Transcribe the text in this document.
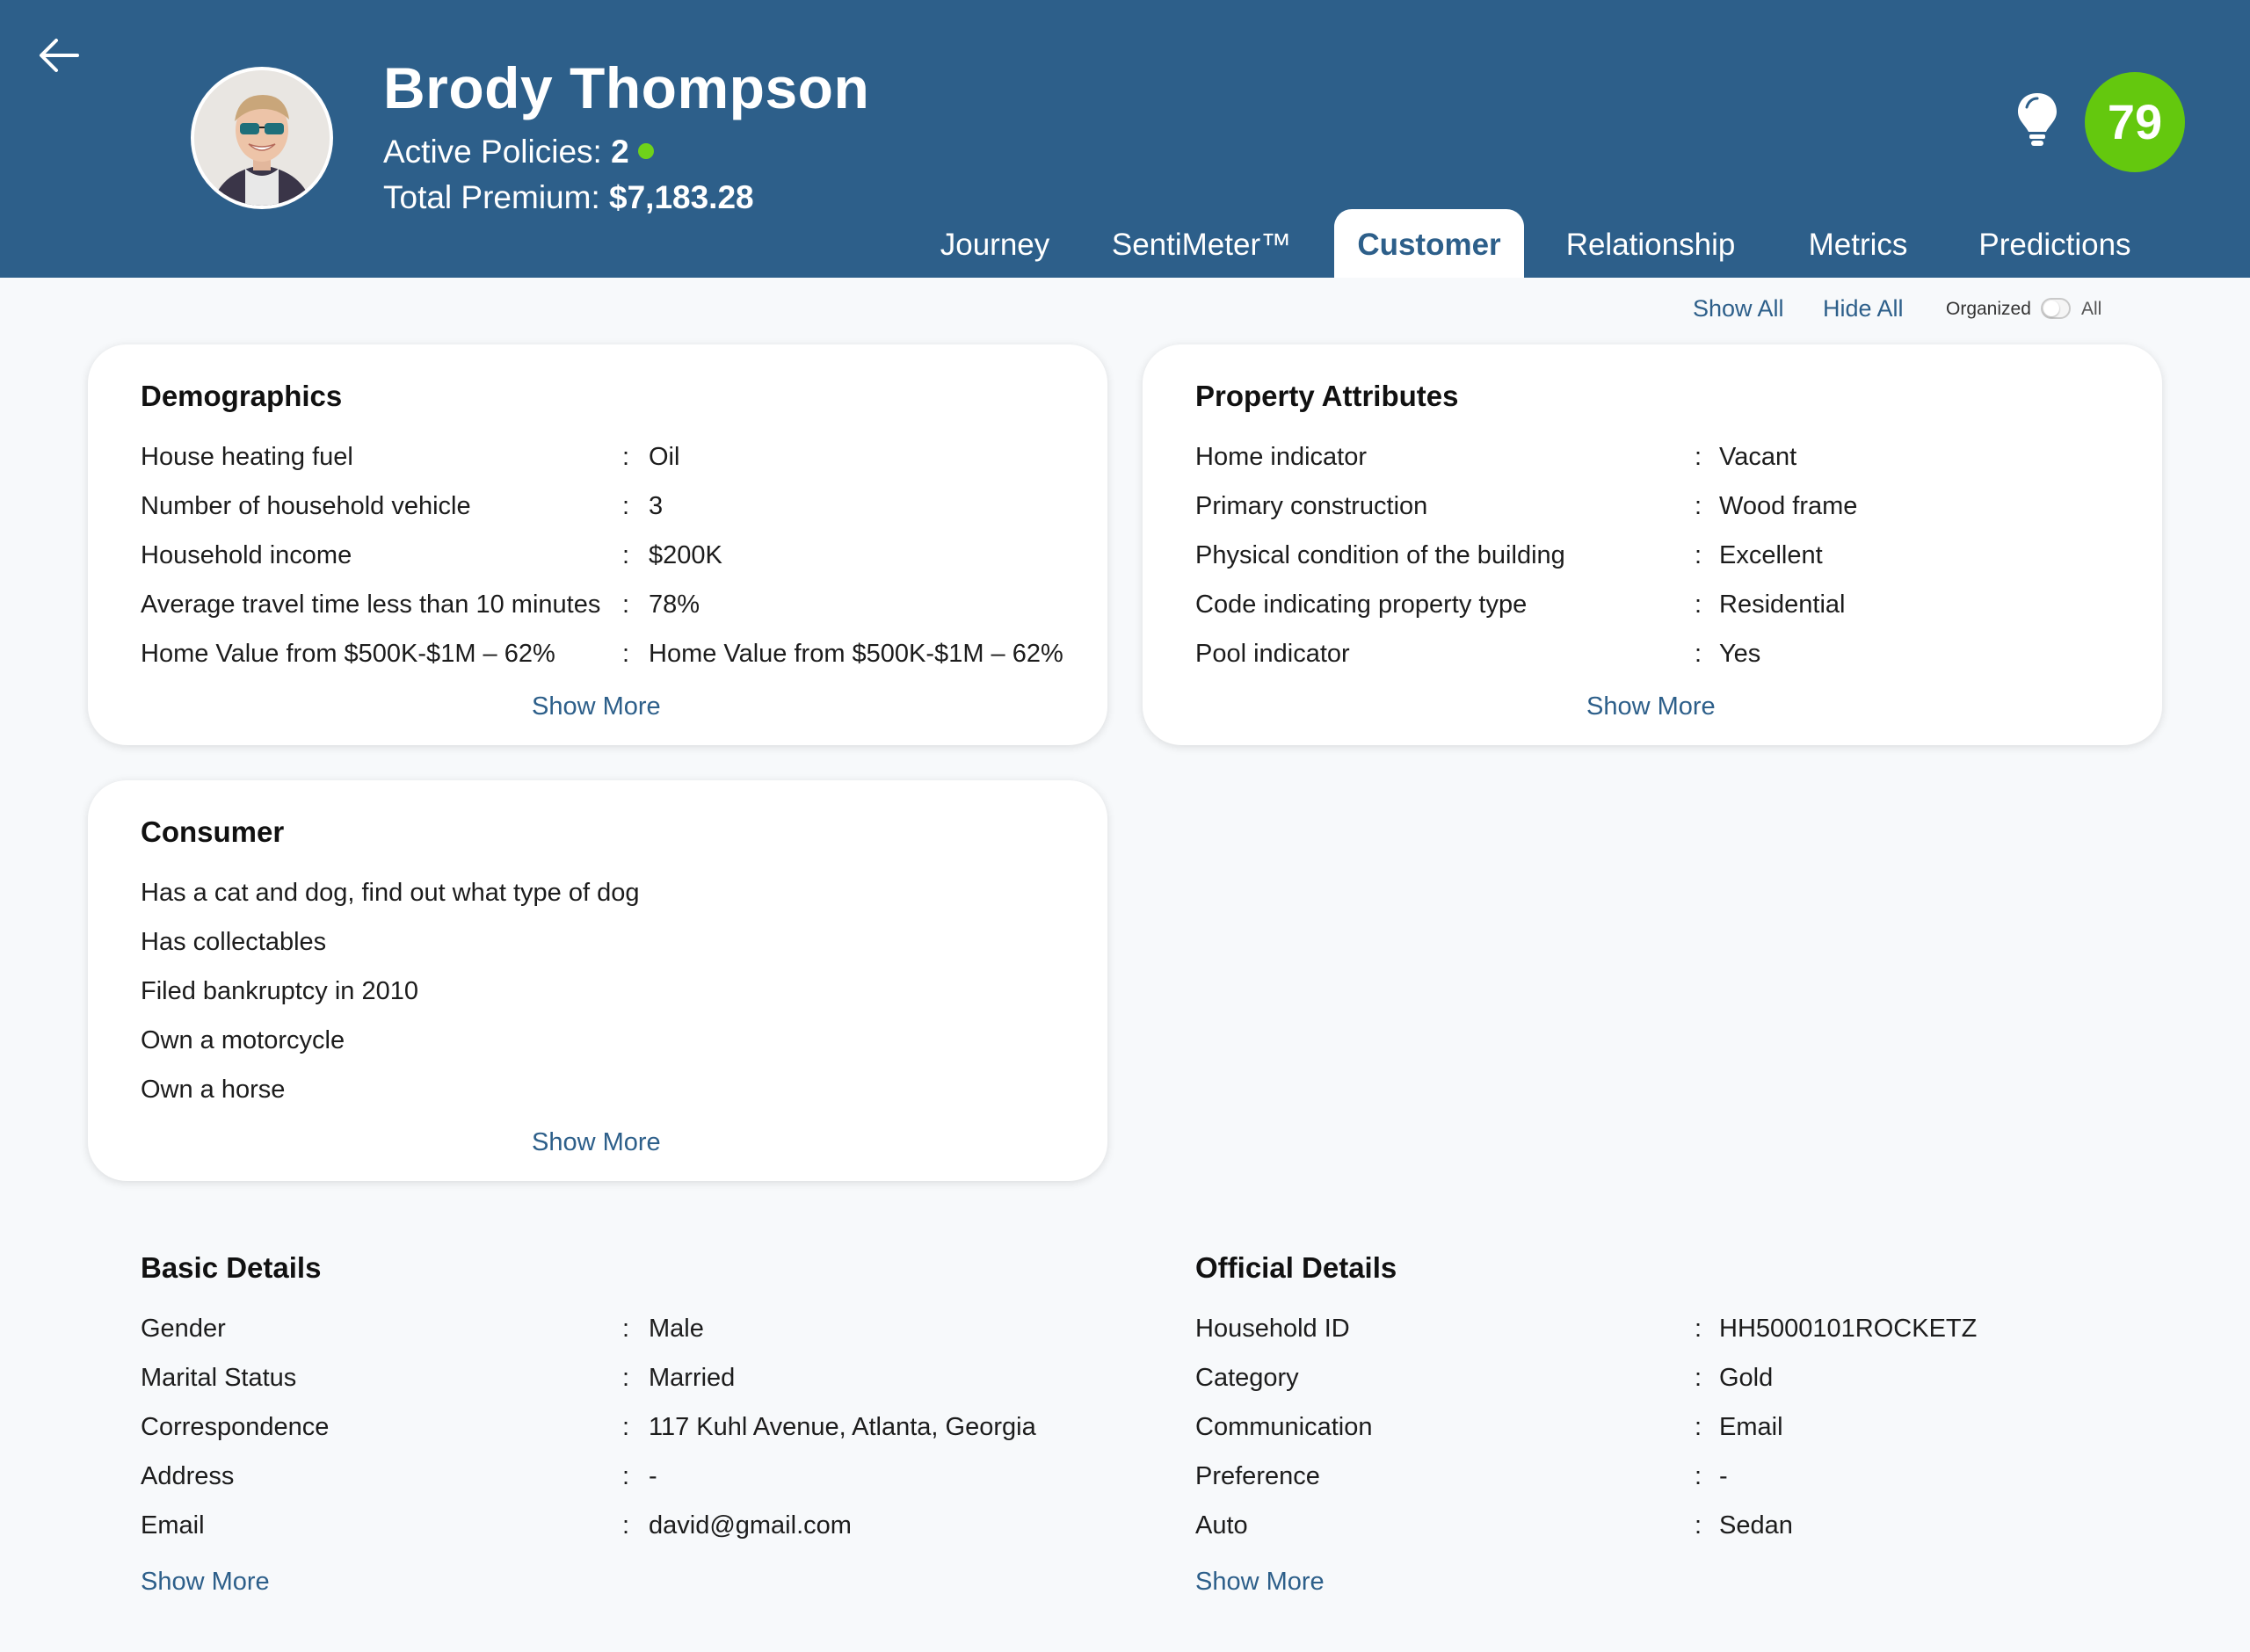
Brody Thompson
Active Policies: 2
Total Premium: $7,183.28
79
Journey	SentiMeter™	Customer	Relationship	Metrics	Predictions
Show All Hide All Organized	All
Demographics
House heating fuel	: Oil
Number of household vehicle	: 3
Household income	: $200K
Average travel time less than 10 minutes : 78%
Home Value from $500K-$1M – 62%	: Home Value from $500K-$1M – 62%
Show More
Property Attributes
Home indicator	: Vacant
Primary construction	: Wood frame
Physical condition of the building	: Excellent
Code indicating property type	: Residential
Pool indicator	: Yes
Show More
Consumer
Has a cat and dog, find out what type of dog
Has collectables
Filed bankruptcy in 2010
Own a motorcycle
Own a horse
Show More
Basic Details
Gender	: Male
Marital Status	: Married
Correspondence	: 117 Kuhl Avenue, Atlanta, Georgia
Address	: -
Email	: david@gmail.com
Show More
Official Details
Household ID	: HH5000101ROCKETZ
Category	: Gold
Communication	: Email
Preference	: -
Auto	: Sedan
Show More
